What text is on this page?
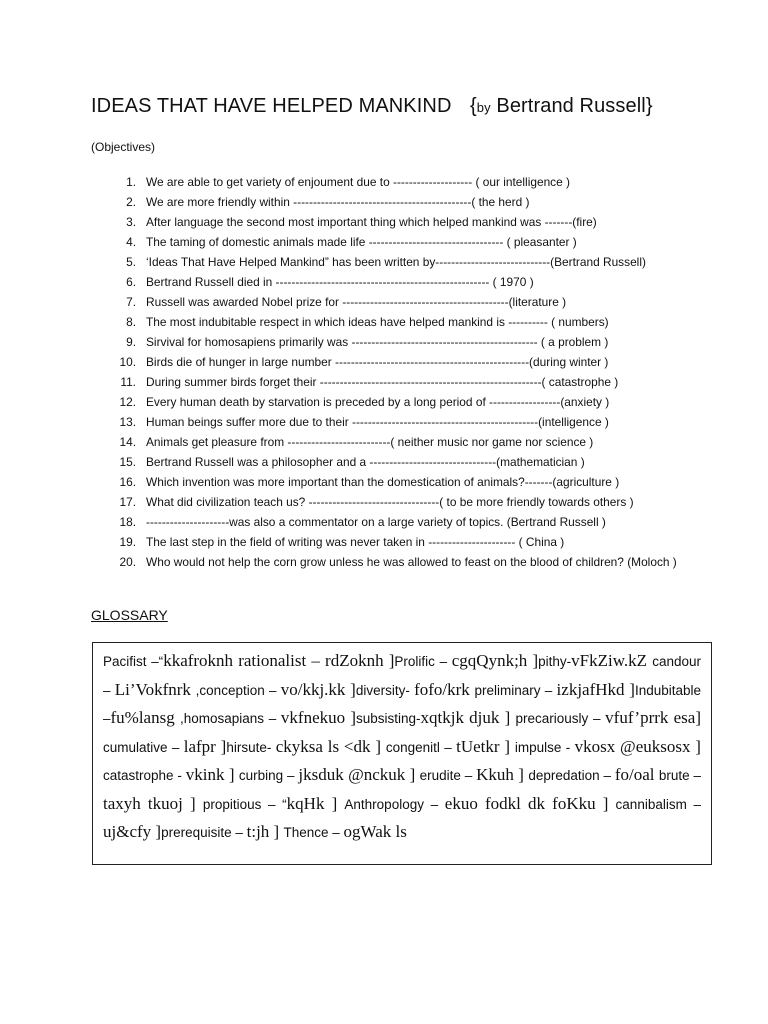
IDEAS THAT HAVE HELPED MANKIND {by Bertrand Russell}
(Objectives)
1. We are able to get variety of enjoument due to -------------------- ( our intelligence )
2. We are more friendly within ---------------------------------------------( the herd )
3. After language the second most important thing which helped mankind was -------(fire)
4. The taming of domestic animals made life ---------------------------------- ( pleasanter )
5. ‘Ideas That Have Helped Mankind” has been written by-----------------------------(Bertrand Russell)
6. Bertrand Russell died in ------------------------------------------------------ ( 1970 )
7. Russell was awarded Nobel prize for ------------------------------------------(literature )
8. The most indubitable respect in which ideas have helped mankind is ---------- ( numbers)
9. Sirvival for homosapiens primarily was ----------------------------------------------- ( a problem )
10. Birds die of hunger in large number -------------------------------------------------(during winter )
11. During summer birds forget their --------------------------------------------------------( catastrophe )
12. Every human death by starvation is preceded by a long period of ------------------(anxiety )
13. Human beings suffer more due to their -----------------------------------------------(intelligence )
14. Animals get pleasure from --------------------------( neither music nor game nor science )
15. Bertrand Russell was a philosopher and a --------------------------------(mathematician )
16. Which invention was more important than the domestication of animals?-------(agriculture )
17. What did civilization teach us? ---------------------------------( to be more friendly towards others )
18. ---------------------was also a commentator on a large variety of topics. (Bertrand Russell )
19. The last step in the field of writing was never taken in ---------------------- ( China )
20. Who would not help the corn grow unless he was allowed to feast on the blood of children? (Moloch )
GLOSSARY
Pacifist –“kkafroknh rationalist – rdZoknh ]Prolific – cgqQynk;h ]pithy-vFkZiw.kZ candour – Li’Vokfnrk ,conception – vo/kkj.kk ]diversity- fofo/krk preliminary – izkjafHkd ]Indubitable –fu%lansg ,homosapians – vkfnekuo ]subsisting-xqtkjk djuk ] precariously – vfuf’prrk esa] cumulative – lafpr ]hirsute- ckyksa ls <dk ] congenitl – tUetkr ] impulse - vkosx @euksosx ] catastrophe - vkink ] curbing – jksduk @nckuk ] erudite – Kkuh ] depredation – fo/oal brute – taxyh tkuoj ] propitious – “kqHk ] Anthropology – ekuo fodkl dk foKku ] cannibalism – uj&cfy ]prerequisite – t:jh ] Thence – ogWak ls
